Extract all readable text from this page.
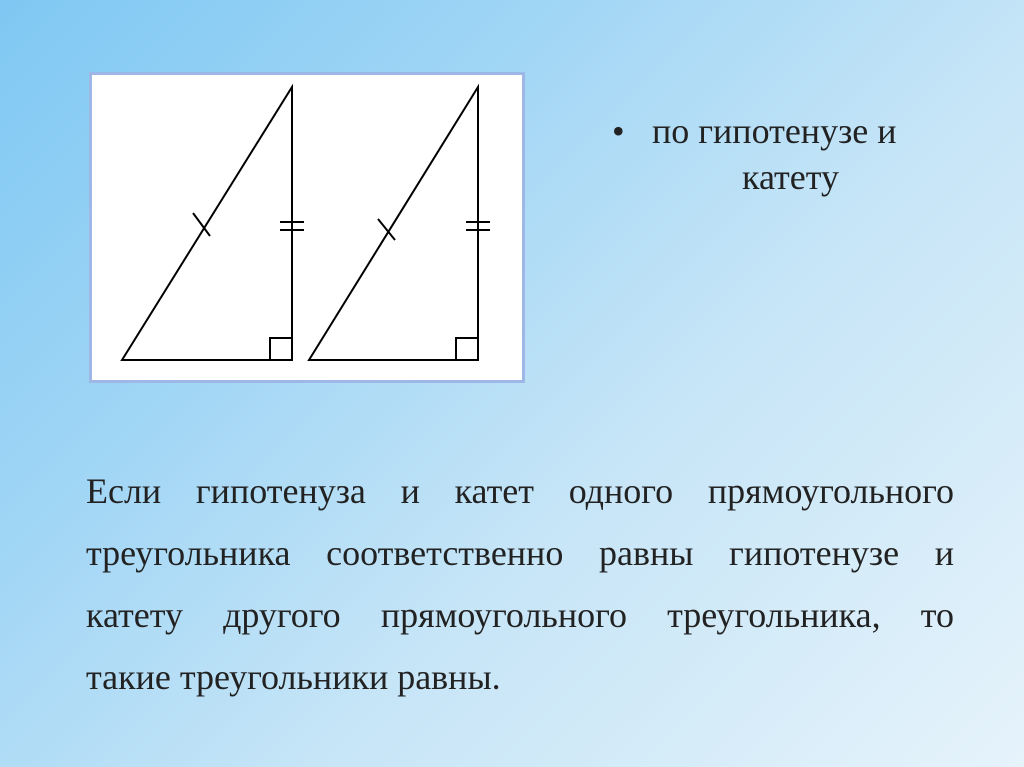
• по гипотенузе и
катету
Если гипотенуза и катет одного прямоугольного
треугольника соответственно равны гипотенузе и
катету другого прямоугольного треугольника, то
такие треугольники равны.
